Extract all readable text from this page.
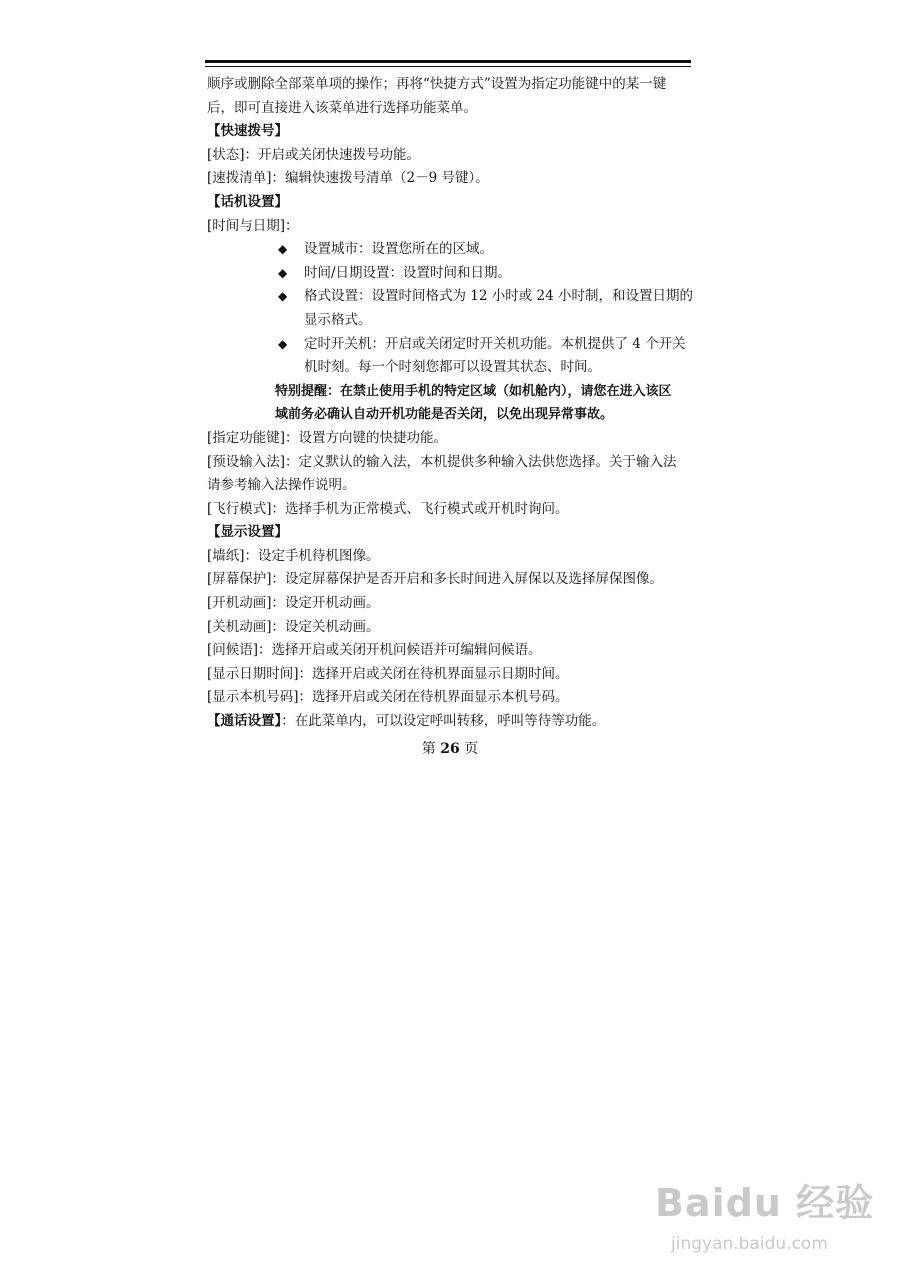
顺序或删除全部菜单项的操作；再将“快捷方式”设置为指定功能键中的某一键
后，即可直接进入该菜单进行选择功能菜单。
【快速拨号】
[状态]：开启或关闭快速拨号功能。
[速拨清单]：编辑快速拨号清单（2－9 号键）。
【话机设置】
[时间与日期]：
◆ 设置城市：设置您所在的区域。
◆ 时间/日期设置：设置时间和日期。
◆ 格式设置：设置时间格式为 12 小时或 24 小时制，和设置日期的
显示格式。
◆ 定时开关机：开启或关闭定时开关机功能。本机提供了 4 个开关
机时刻。每一个时刻您都可以设置其状态、时间。
特别提醒：在禁止使用手机的特定区域（如机舱内），请您在进入该区
域前务必确认自动开机功能是否关闭，以免出现异常事故。
[指定功能键]：设置方向键的快捷功能。
[预设输入法]：定义默认的输入法，本机提供多种输入法供您选择。关于输入法
请参考输入法操作说明。
[飞行模式]：选择手机为正常模式、飞行模式或开机时询问。
【显示设置】
[墙纸]：设定手机待机图像。
[屏幕保护]：设定屏幕保护是否开启和多长时间进入屏保以及选择屏保图像。
[开机动画]：设定开机动画。
[关机动画]：设定关机动画。
[问候语]：选择开启或关闭开机问候语并可编辑问候语。
[显示日期时间]：选择开启或关闭在待机界面显示日期时间。
[显示本机号码]：选择开启或关闭在待机界面显示本机号码。
【通话设置】：在此菜单内，可以设定呼叫转移，呼叫等待等功能。
第 26 页
Baidu 经验
jingyan.baidu.com
